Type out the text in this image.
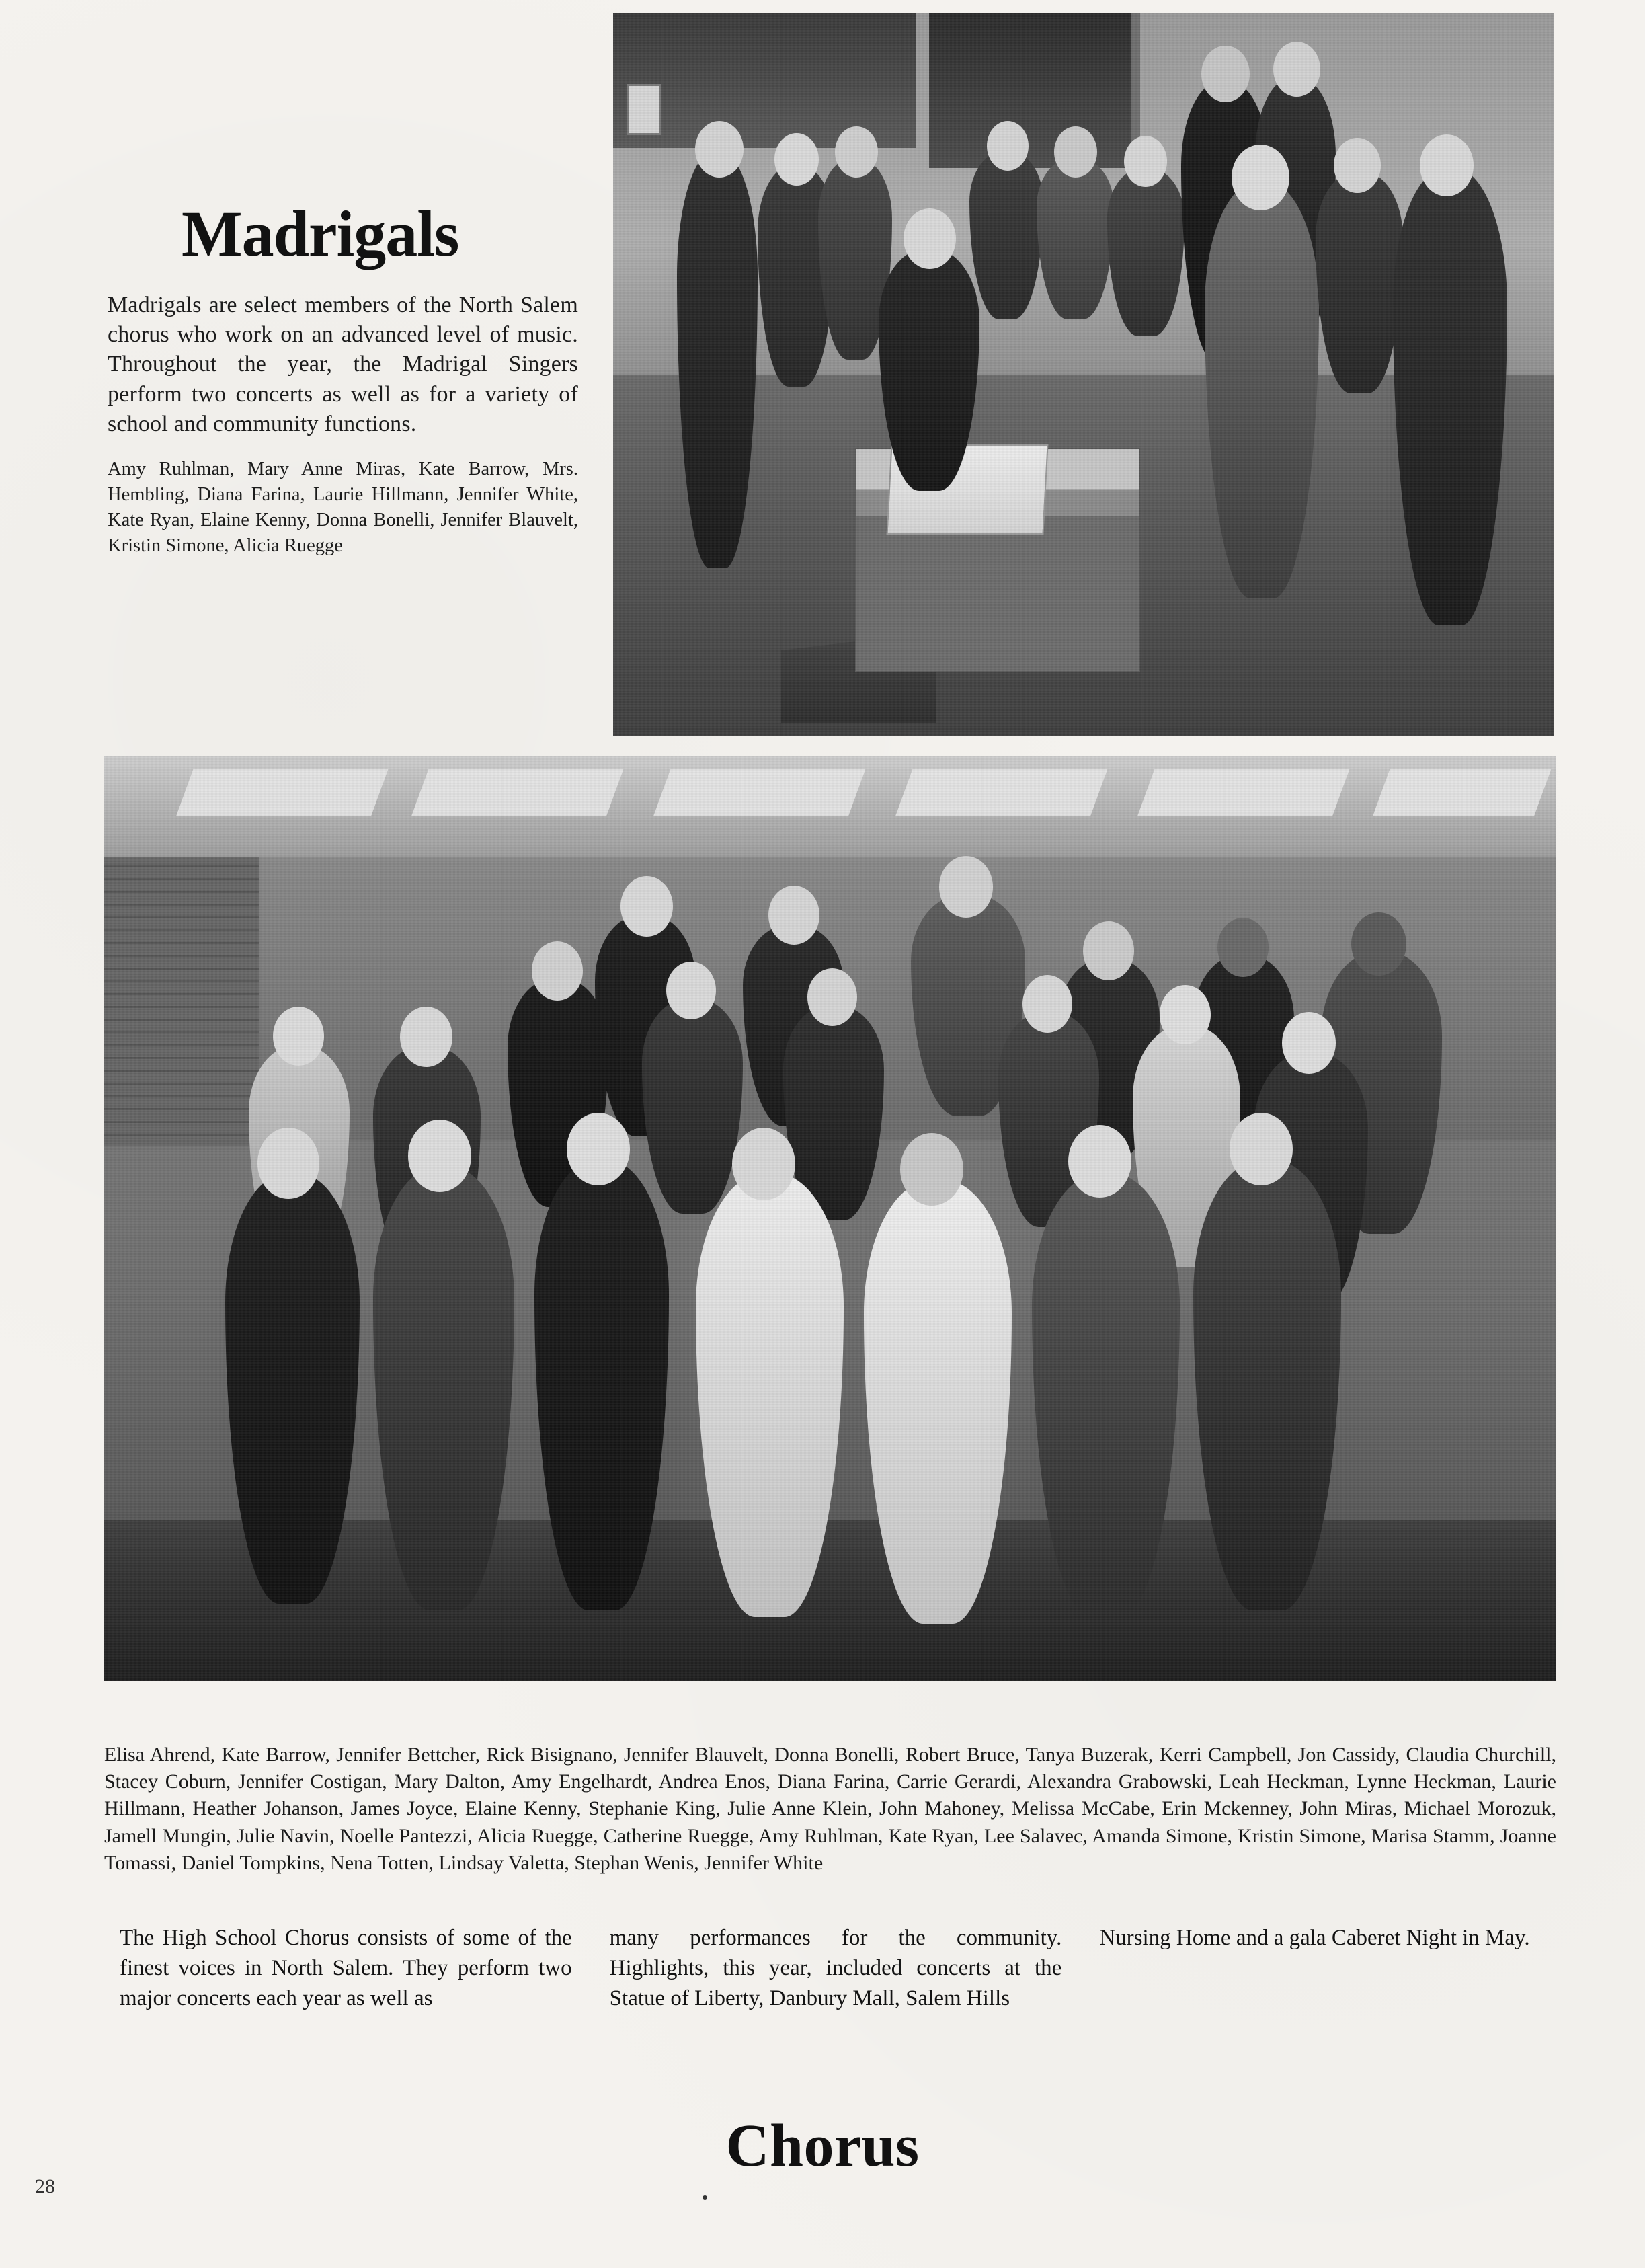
Madrigals

Madrigals are select members of the North Salem chorus who work on an advanced level of music. Throughout the year, the Madrigal Singers perform two concerts as well as for a variety of school and community functions.

Amy Ruhlman, Mary Anne Miras, Kate Barrow, Mrs. Hembling, Diana Farina, Laurie Hillmann, Jennifer White, Kate Ryan, Elaine Kenny, Donna Bonelli, Jennifer Blauvelt, Kristin Simone, Alicia Ruegge

Elisa Ahrend, Kate Barrow, Jennifer Bettcher, Rick Bisignano, Jennifer Blauvelt, Donna Bonelli, Robert Bruce, Tanya Buzerak, Kerri Campbell, Jon Cassidy, Claudia Churchill, Stacey Coburn, Jennifer Costigan, Mary Dalton, Amy Engelhardt, Andrea Enos, Diana Farina, Carrie Gerardi, Alexandra Grabowski, Leah Heckman, Lynne Heckman, Laurie Hillmann, Heather Johanson, James Joyce, Elaine Kenny, Stephanie King, Julie Anne Klein, John Mahoney, Melissa McCabe, Erin Mckenney, John Miras, Michael Morozuk, Jamell Mungin, Julie Navin, Noelle Pantezzi, Alicia Ruegge, Catherine Ruegge, Amy Ruhlman, Kate Ryan, Lee Salavec, Amanda Simone, Kristin Simone, Marisa Stamm, Joanne Tomassi, Daniel Tompkins, Nena Totten, Lindsay Valetta, Stephan Wenis, Jennifer White

The High School Chorus consists of some of the finest voices in North Salem. They perform two major concerts each year as well as
many performances for the community. Highlights, this year, included concerts at the Statue of Liberty, Danbury Mall, Salem Hills
Nursing Home and a gala Caberet Night in May.
Chorus
28
